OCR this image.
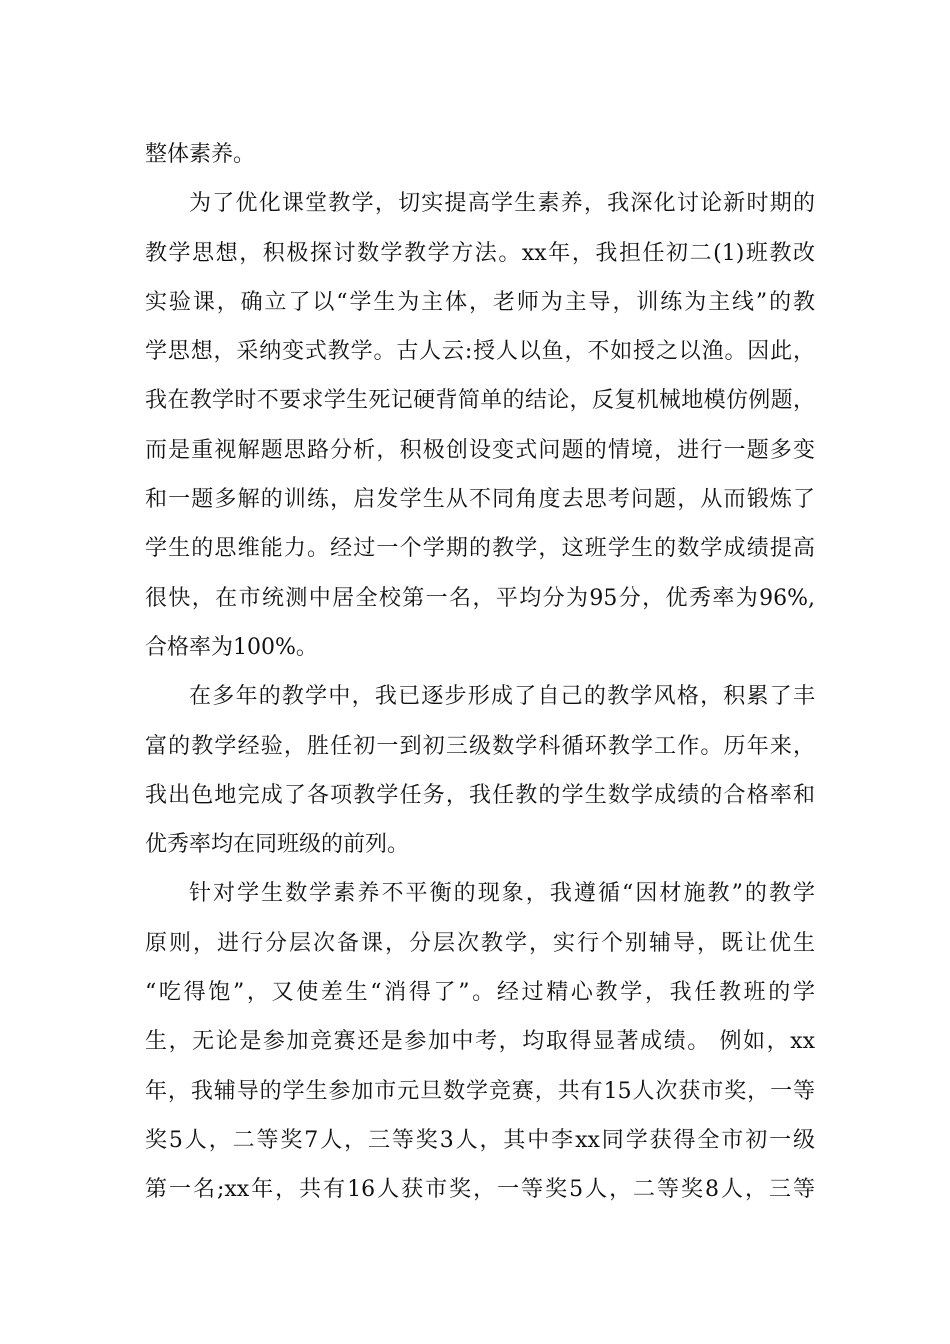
整体素养。
为了优化课堂教学，切实提高学生素养，我深化讨论新时期的
教学思想，积极探讨数学教学方法。xx年，我担任初二(1)班教改
实验课，确立了以“学生为主体，老师为主导，训练为主线”的教
学思想，采纳变式教学。古人云:授人以鱼，不如授之以渔。因此，
我在教学时不要求学生死记硬背简单的结论，反复机械地模仿例题，
而是重视解题思路分析，积极创设变式问题的情境，进行一题多变
和一题多解的训练，启发学生从不同角度去思考问题，从而锻炼了
学生的思维能力。经过一个学期的教学，这班学生的数学成绩提高
很快，在市统测中居全校第一名，平均分为95分，优秀率为96%,
合格率为100%。
在多年的教学中，我已逐步形成了自己的教学风格，积累了丰
富的教学经验，胜任初一到初三级数学科循环教学工作。历年来，
我出色地完成了各项教学任务，我任教的学生数学成绩的合格率和
优秀率均在同班级的前列。
针对学生数学素养不平衡的现象，我遵循“因材施教”的教学
原则，进行分层次备课，分层次教学，实行个别辅导，既让优生
“吃得饱”，又使差生“消得了”。经过精心教学，我任教班的学
生，无论是参加竞赛还是参加中考，均取得显著成绩。 例如，xx
年，我辅导的学生参加市元旦数学竞赛，共有15人次获市奖，一等
奖5人，二等奖7人，三等奖3人，其中李xx同学获得全市初一级
第一名;xx年，共有16人获市奖，一等奖5人，二等奖8人，三等
